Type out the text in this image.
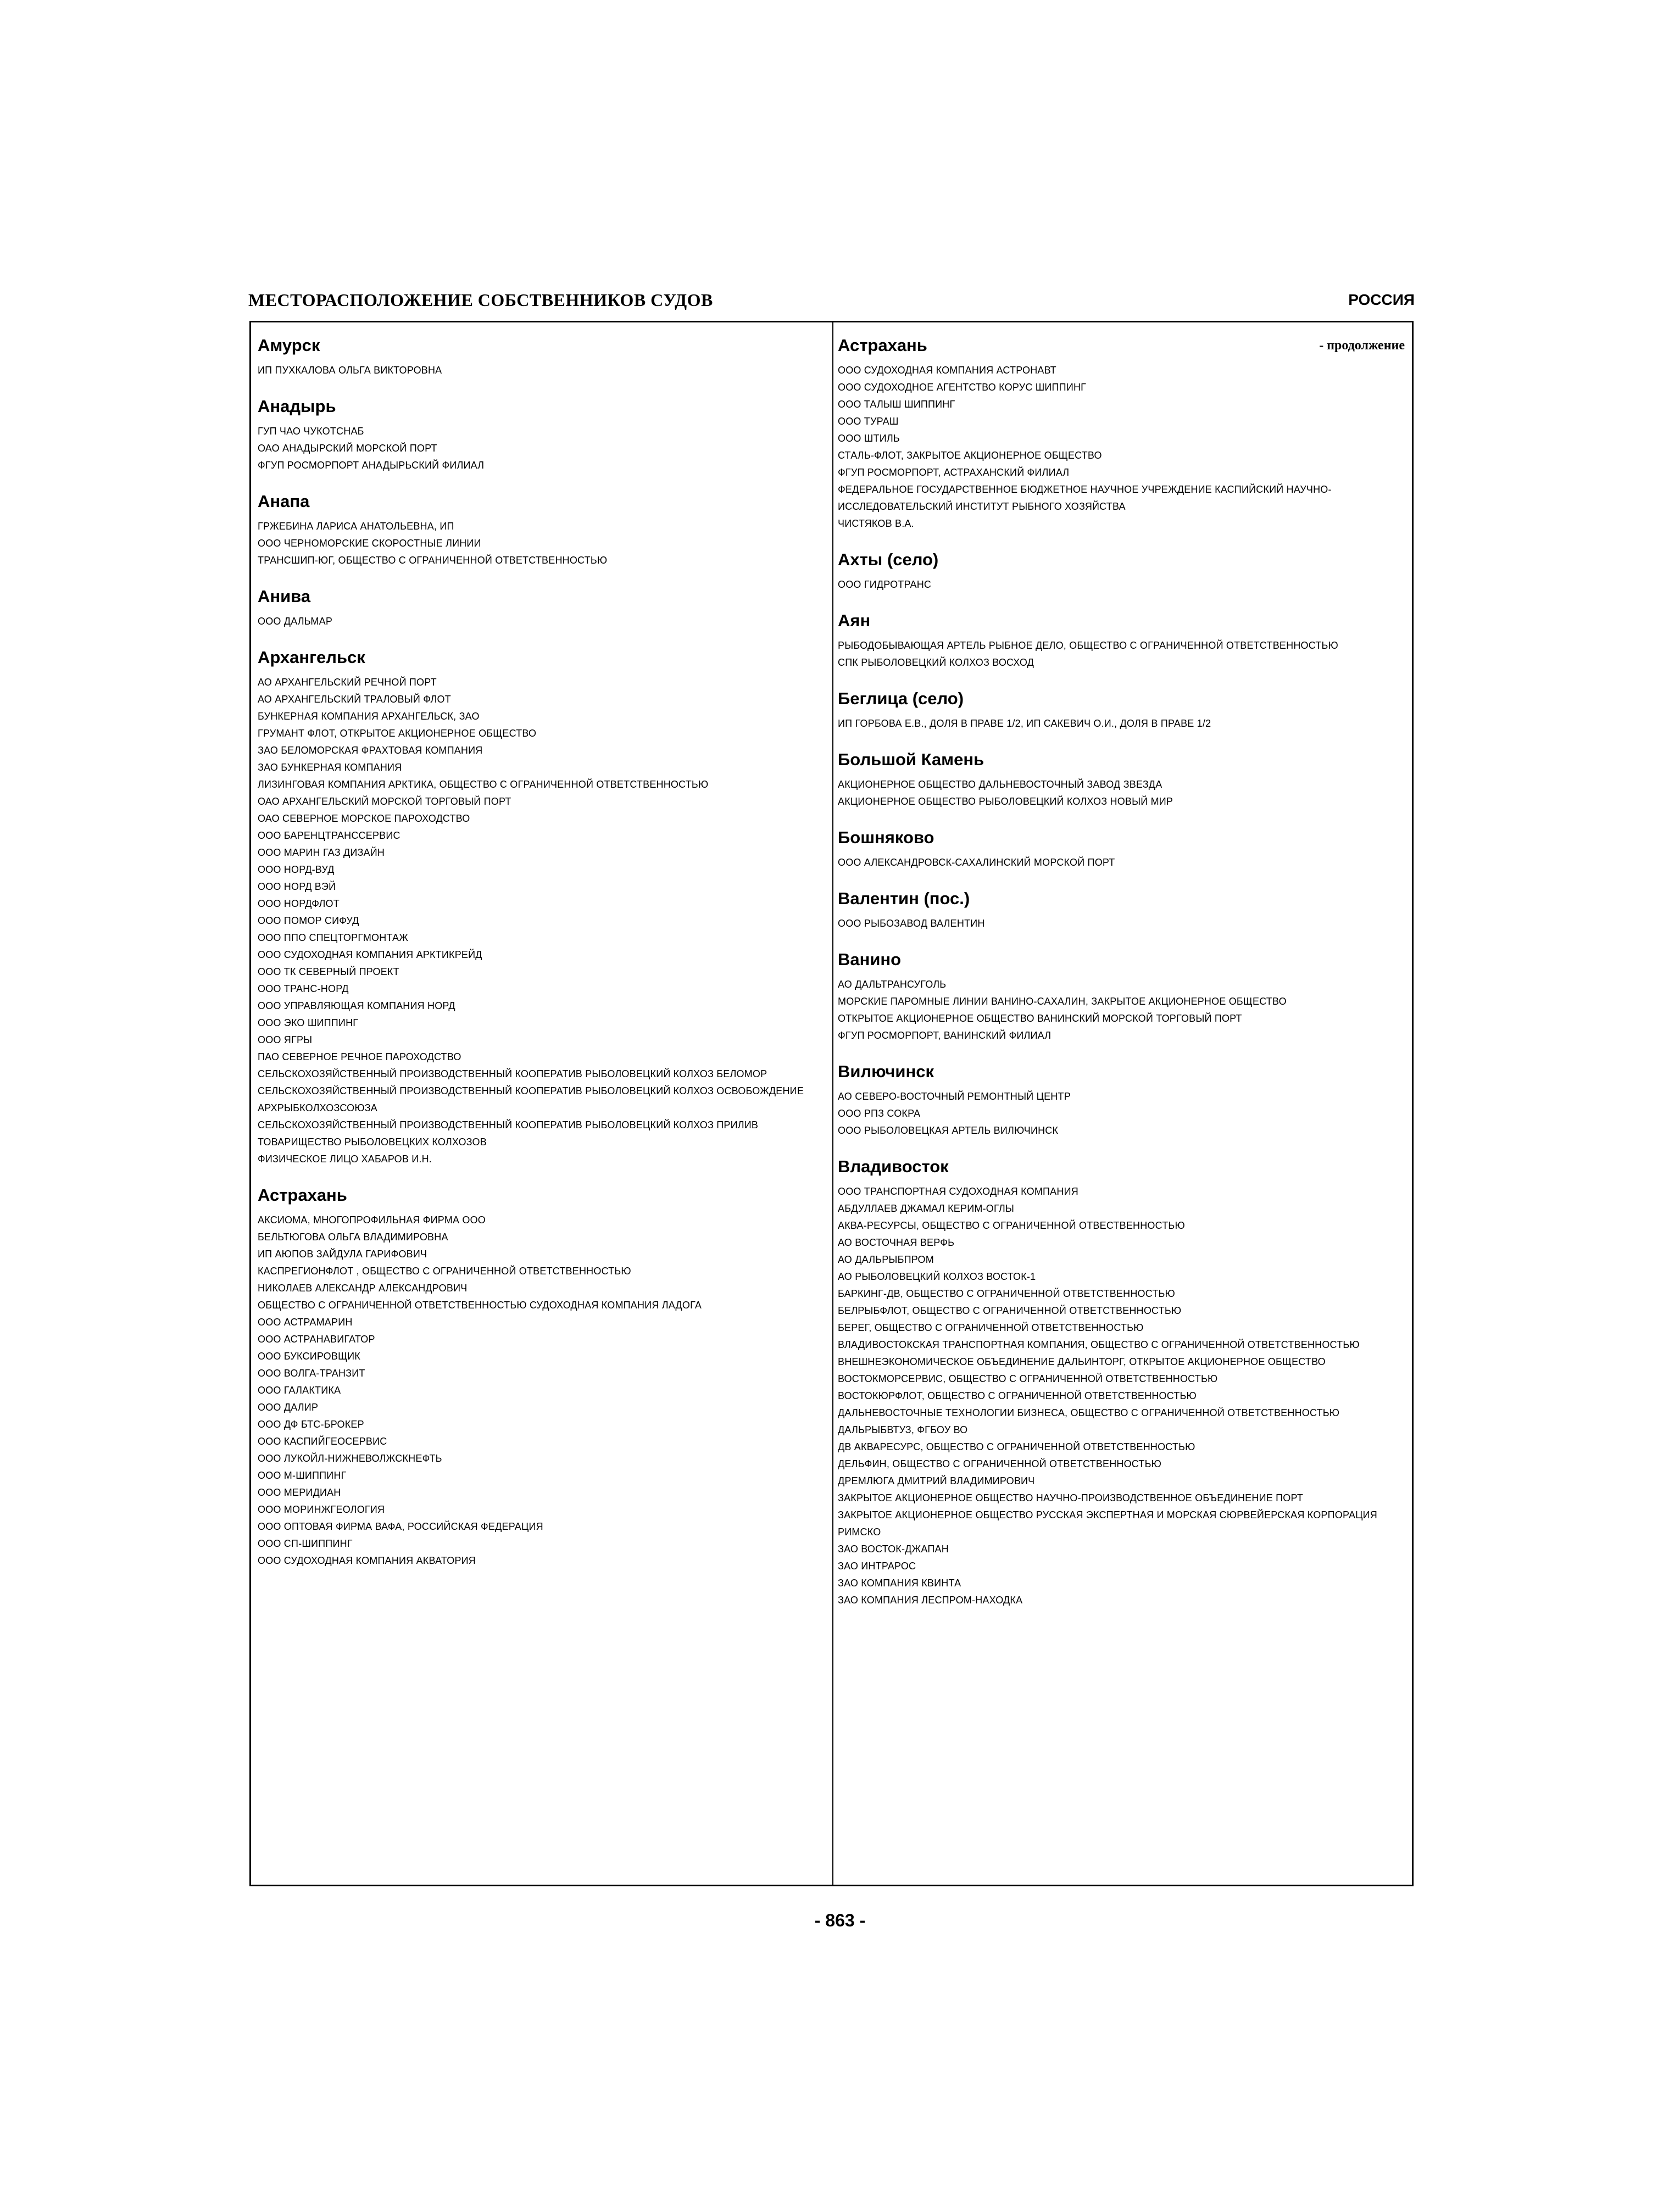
МЕСТОРАСПОЛОЖЕНИЕ СОБСТВЕННИКОВ СУДОВ	РОССИЯ
Амурск
ИП ПУХКАЛОВА ОЛЬГА ВИКТОРОВНА
Анадырь
ГУП ЧАО ЧУКОТСНАБ
ОАО АНАДЫРСКИЙ МОРСКОЙ ПОРТ
ФГУП РОСМОРПОРТ АНАДЫРЬСКИЙ ФИЛИАЛ
Анапа
ГРЖЕБИНА ЛАРИСА АНАТОЛЬЕВНА, ИП
ООО ЧЕРНОМОРСКИЕ СКОРОСТНЫЕ ЛИНИИ
ТРАНСШИП-ЮГ, ОБЩЕСТВО С ОГРАНИЧЕННОЙ ОТВЕТСТВЕННОСТЬЮ
Анива
ООО ДАЛЬМАР
Архангельск
АО АРХАНГЕЛЬСКИЙ РЕЧНОЙ ПОРТ
АО АРХАНГЕЛЬСКИЙ ТРАЛОВЫЙ ФЛОТ
БУНКЕРНАЯ КОМПАНИЯ АРХАНГЕЛЬСК, ЗАО
ГРУМАНТ ФЛОТ, ОТКРЫТОЕ АКЦИОНЕРНОЕ ОБЩЕСТВО
ЗАО БЕЛОМОРСКАЯ ФРАХТОВАЯ КОМПАНИЯ
ЗАО БУНКЕРНАЯ КОМПАНИЯ
ЛИЗИНГОВАЯ КОМПАНИЯ АРКТИКА, ОБЩЕСТВО С ОГРАНИЧЕННОЙ ОТВЕТСТВЕННОСТЬЮ
ОАО АРХАНГЕЛЬСКИЙ МОРСКОЙ ТОРГОВЫЙ ПОРТ
ОАО СЕВЕРНОЕ МОРСКОЕ ПАРОХОДСТВО
ООО БАРЕНЦТРАНССЕРВИС
ООО МАРИН ГАЗ ДИЗАЙН
ООО НОРД-ВУД
ООО НОРД ВЭЙ
ООО НОРДФЛОТ
ООО ПОМОР СИФУД
ООО ППО СПЕЦТОРГМОНТАЖ
ООО СУДОХОДНАЯ КОМПАНИЯ АРКТИКРЕЙД
ООО ТК СЕВЕРНЫЙ ПРОЕКТ
ООО ТРАНС-НОРД
ООО УПРАВЛЯЮЩАЯ КОМПАНИЯ НОРД
ООО ЭКО ШИППИНГ
ООО ЯГРЫ
ПАО СЕВЕРНОЕ РЕЧНОЕ ПАРОХОДСТВО
СЕЛЬСКОХОЗЯЙСТВЕННЫЙ ПРОИЗВОДСТВЕННЫЙ КООПЕРАТИВ РЫБОЛОВЕЦКИЙ КОЛХОЗ БЕЛОМОР
СЕЛЬСКОХОЗЯЙСТВЕННЫЙ ПРОИЗВОДСТВЕННЫЙ КООПЕРАТИВ РЫБОЛОВЕЦКИЙ КОЛХОЗ ОСВОБОЖДЕНИЕ АРХРЫБКОЛХОЗСОЮЗА
СЕЛЬСКОХОЗЯЙСТВЕННЫЙ ПРОИЗВОДСТВЕННЫЙ КООПЕРАТИВ РЫБОЛОВЕЦКИЙ КОЛХОЗ ПРИЛИВ
ТОВАРИЩЕСТВО РЫБОЛОВЕЦКИХ КОЛХОЗОВ
ФИЗИЧЕСКОЕ ЛИЦО ХАБАРОВ И.Н.
Астрахань
АКСИОМА, МНОГОПРОФИЛЬНАЯ ФИРМА ООО
БЕЛЬТЮГОВА ОЛЬГА ВЛАДИМИРОВНА
ИП АЮПОВ ЗАЙДУЛА ГАРИФОВИЧ
КАСПРЕГИОНФЛОТ , ОБЩЕСТВО С ОГРАНИЧЕННОЙ ОТВЕТСТВЕННОСТЬЮ
НИКОЛАЕВ АЛЕКСАНДР АЛЕКСАНДРОВИЧ
ОБЩЕСТВО С ОГРАНИЧЕННОЙ ОТВЕТСТВЕННОСТЬЮ СУДОХОДНАЯ КОМПАНИЯ ЛАДОГА
ООО АСТРАМАРИН
ООО АСТРАНАВИГАТОР
ООО БУКСИРОВЩИК
ООО ВОЛГА-ТРАНЗИТ
ООО ГАЛАКТИКА
ООО ДАЛИР
ООО ДФ БТС-БРОКЕР
ООО КАСПИЙГЕОСЕРВИС
ООО ЛУКОЙЛ-НИЖНЕВОЛЖСКНЕФТЬ
ООО М-ШИППИНГ
ООО МЕРИДИАН
ООО МОРИНЖГЕОЛОГИЯ
ООО ОПТОВАЯ ФИРМА ВАФА, РОССИЙСКАЯ ФЕДЕРАЦИЯ
ООО СП-ШИППИНГ
ООО СУДОХОДНАЯ КОМПАНИЯ АКВАТОРИЯ
Астрахань	- продолжение
ООО СУДОХОДНАЯ КОМПАНИЯ АСТРОНАВТ
ООО СУДОХОДНОЕ АГЕНТСТВО КОРУС ШИППИНГ
ООО ТАЛЫШ ШИППИНГ
ООО ТУРАШ
ООО ШТИЛЬ
СТАЛЬ-ФЛОТ, ЗАКРЫТОЕ АКЦИОНЕРНОЕ ОБЩЕСТВО
ФГУП РОСМОРПОРТ, АСТРАХАНСКИЙ ФИЛИАЛ
ФЕДЕРАЛЬНОЕ ГОСУДАРСТВЕННОЕ БЮДЖЕТНОЕ НАУЧНОЕ УЧРЕЖДЕНИЕ КАСПИЙСКИЙ НАУЧНО-ИССЛЕДОВАТЕЛЬСКИЙ ИНСТИТУТ РЫБНОГО ХОЗЯЙСТВА
ЧИСТЯКОВ В.А.
Ахты (село)
ООО ГИДРОТРАНС
Аян
РЫБОДОБЫВАЮЩАЯ АРТЕЛЬ РЫБНОЕ ДЕЛО, ОБЩЕСТВО С ОГРАНИЧЕННОЙ ОТВЕТСТВЕННОСТЬЮ
СПК РЫБОЛОВЕЦКИЙ КОЛХОЗ ВОСХОД
Беглица (село)
ИП ГОРБОВА Е.В., ДОЛЯ В ПРАВЕ 1/2, ИП САКЕВИЧ О.И., ДОЛЯ В ПРАВЕ 1/2
Большой Камень
АКЦИОНЕРНОЕ ОБЩЕСТВО ДАЛЬНЕВОСТОЧНЫЙ ЗАВОД ЗВЕЗДА
АКЦИОНЕРНОЕ ОБЩЕСТВО РЫБОЛОВЕЦКИЙ КОЛХОЗ НОВЫЙ МИР
Бошняково
ООО АЛЕКСАНДРОВСК-САХАЛИНСКИЙ МОРСКОЙ ПОРТ
Валентин (пос.)
ООО РЫБОЗАВОД ВАЛЕНТИН
Ванино
АО ДАЛЬТРАНСУГОЛЬ
МОРСКИЕ ПАРОМНЫЕ ЛИНИИ ВАНИНО-САХАЛИН, ЗАКРЫТОЕ АКЦИОНЕРНОЕ ОБЩЕСТВО
ОТКРЫТОЕ АКЦИОНЕРНОЕ ОБЩЕСТВО ВАНИНСКИЙ МОРСКОЙ ТОРГОВЫЙ ПОРТ
ФГУП РОСМОРПОРТ, ВАНИНСКИЙ ФИЛИАЛ
Вилючинск
АО СЕВЕРО-ВОСТОЧНЫЙ РЕМОНТНЫЙ ЦЕНТР
ООО РПЗ СОКРА
ООО РЫБОЛОВЕЦКАЯ АРТЕЛЬ ВИЛЮЧИНСК
Владивосток
ООО ТРАНСПОРТНАЯ СУДОХОДНАЯ КОМПАНИЯ
АБДУЛЛАЕВ ДЖАМАЛ КЕРИМ-ОГЛЫ
АКВА-РЕСУРСЫ, ОБЩЕСТВО С ОГРАНИЧЕННОЙ ОТВЕСТВЕННОСТЬЮ
АО ВОСТОЧНАЯ ВЕРФЬ
АО ДАЛЬРЫБПРОМ
АО РЫБОЛОВЕЦКИЙ КОЛХОЗ ВОСТОК-1
БАРКИНГ-ДВ, ОБЩЕСТВО С ОГРАНИЧЕННОЙ ОТВЕТСТВЕННОСТЬЮ
БЕЛРЫБФЛОТ, ОБЩЕСТВО С ОГРАНИЧЕННОЙ ОТВЕТСТВЕННОСТЬЮ
БЕРЕГ, ОБЩЕСТВО С ОГРАНИЧЕННОЙ ОТВЕТСТВЕННОСТЬЮ
ВЛАДИВОСТОКСКАЯ ТРАНСПОРТНАЯ КОМПАНИЯ, ОБЩЕСТВО С ОГРАНИЧЕННОЙ ОТВЕТСТВЕННОСТЬЮ
ВНЕШНЕЭКОНОМИЧЕСКОЕ ОБЪЕДИНЕНИЕ ДАЛЬИНТОРГ, ОТКРЫТОЕ АКЦИОНЕРНОЕ ОБЩЕСТВО
ВОСТОКМОРСЕРВИС, ОБЩЕСТВО С ОГРАНИЧЕННОЙ ОТВЕТСТВЕННОСТЬЮ
ВОСТОКЮРФЛОТ, ОБЩЕСТВО С ОГРАНИЧЕННОЙ ОТВЕТСТВЕННОСТЬЮ
ДАЛЬНЕВОСТОЧНЫЕ ТЕХНОЛОГИИ БИЗНЕСА, ОБЩЕСТВО С ОГРАНИЧЕННОЙ ОТВЕТСТВЕННОСТЬЮ
ДАЛЬРЫБВТУЗ, ФГБОУ ВО
ДВ АКВАРЕСУРС, ОБЩЕСТВО С ОГРАНИЧЕННОЙ ОТВЕТСТВЕННОСТЬЮ
ДЕЛЬФИН, ОБЩЕСТВО С ОГРАНИЧЕННОЙ ОТВЕТСТВЕННОСТЬЮ
ДРЕМЛЮГА ДМИТРИЙ ВЛАДИМИРОВИЧ
ЗАКРЫТОЕ АКЦИОНЕРНОЕ ОБЩЕСТВО НАУЧНО-ПРОИЗВОДСТВЕННОЕ ОБЪЕДИНЕНИЕ ПОРТ
ЗАКРЫТОЕ АКЦИОНЕРНОЕ ОБЩЕСТВО РУССКАЯ ЭКСПЕРТНАЯ И МОРСКАЯ СЮРВЕЙЕРСКАЯ КОРПОРАЦИЯ РИМСКО
ЗАО ВОСТОК-ДЖАПАН
ЗАО ИНТРАРОС
ЗАО КОМПАНИЯ КВИНТА
ЗАО КОМПАНИЯ ЛЕСПРОМ-НАХОДКА
- 863 -
